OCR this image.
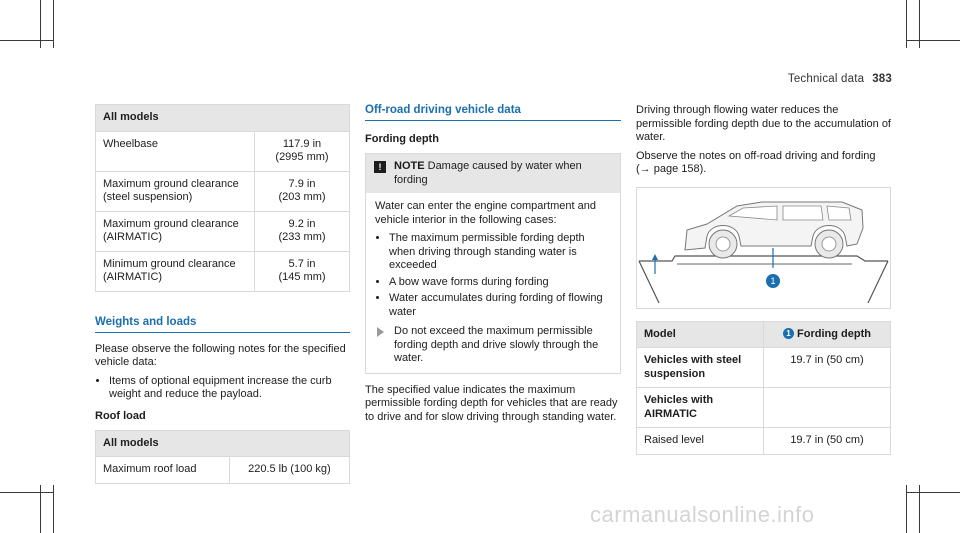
Technical data 383
All models	
Wheelbase	117.9 in
(2995 mm)
Maximum ground clearance
(steel suspension)	7.9 in
(203 mm)
Maximum ground clearance
(AIRMATIC)	9.2 in
(233 mm)
Minimum ground clearance
(AIRMATIC)	5.7 in
(145 mm)
Weights and loads

Please observe the following notes for the specified vehicle data:

• Items of optional equipment increase the curb weight and reduce the payload.
Roof load
All models
Maximum roof load	220.5 lb (100 kg)
Off-road driving vehicle data
Fording depth
!	NOTE Damage caused by water when fording

Water can enter the engine compartment and vehicle interior in the following cases:

• The maximum permissible fording depth when driving through standing water is exceeded
• A bow wave forms during fording
• Water accumulates during fording of flowing water
Do not exceed the maximum permissible fording depth and drive slowly through the water.

The specified value indicates the maximum permissible fording depth for vehicles that are ready to drive and for slow driving through standing water.

Driving through flowing water reduces the permissible fording depth due to the accumulation of water.

Observe the notes on off-road driving and fording (→ page 158).

1
Model	1 Fording depth
Vehicles with steel suspension	19.7 in (50 cm)
Vehicles with AIRMATIC	
Raised level	19.7 in (50 cm)
carmanualsonline.info
